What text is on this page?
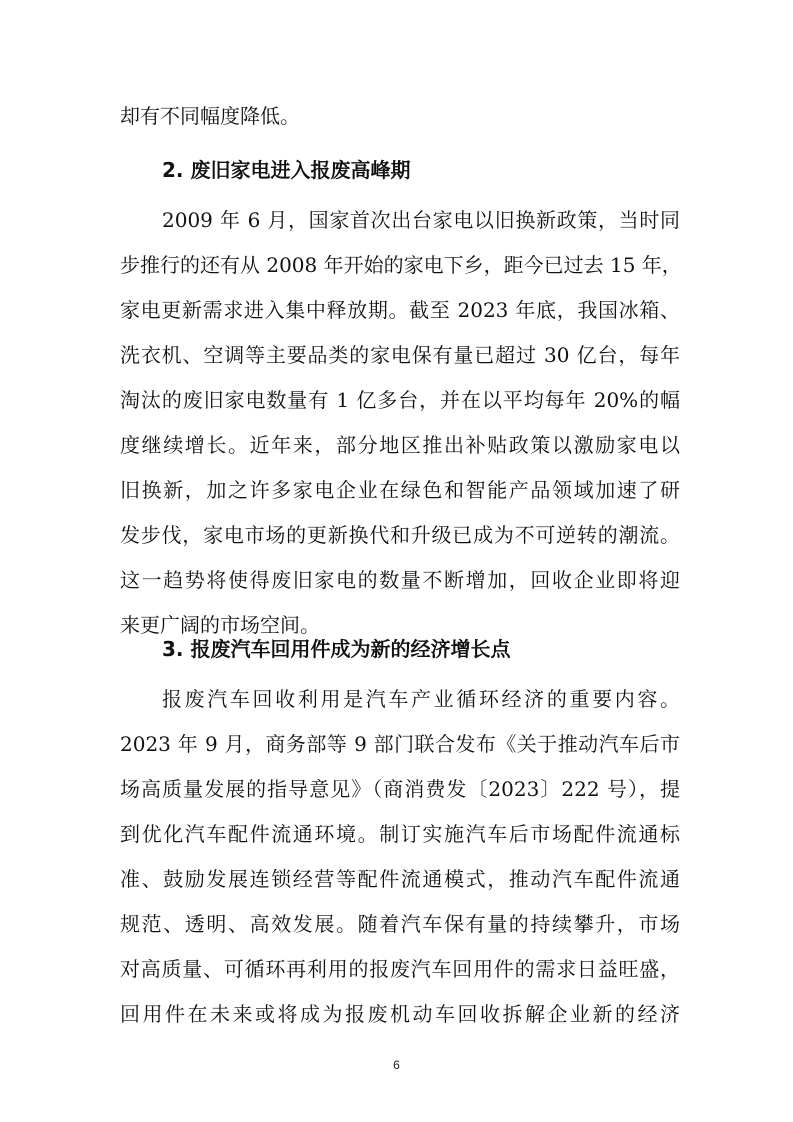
却有不同幅度降低。
2. 废旧家电进入报废高峰期
2009 年 6 月，国家首次出台家电以旧换新政策，当时同
步推行的还有从 2008 年开始的家电下乡，距今已过去 15 年，
家电更新需求进入集中释放期。截至 2023 年底，我国冰箱、
洗衣机、空调等主要品类的家电保有量已超过 30 亿台，每年
淘汰的废旧家电数量有 1 亿多台，并在以平均每年 20%的幅
度继续增长。近年来，部分地区推出补贴政策以激励家电以
旧换新，加之许多家电企业在绿色和智能产品领域加速了研
发步伐，家电市场的更新换代和升级已成为不可逆转的潮流。
这一趋势将使得废旧家电的数量不断增加，回收企业即将迎
来更广阔的市场空间。
3. 报废汽车回用件成为新的经济增长点
报废汽车回收利用是汽车产业循环经济的重要内容。
2023 年 9 月，商务部等 9 部门联合发布《关于推动汽车后市
场高质量发展的指导意见》（商消费发〔2023〕222 号），提
到优化汽车配件流通环境。制订实施汽车后市场配件流通标
准、鼓励发展连锁经营等配件流通模式，推动汽车配件流通
规范、透明、高效发展。随着汽车保有量的持续攀升，市场
对高质量、可循环再利用的报废汽车回用件的需求日益旺盛，
回用件在未来或将成为报废机动车回收拆解企业新的经济
6
